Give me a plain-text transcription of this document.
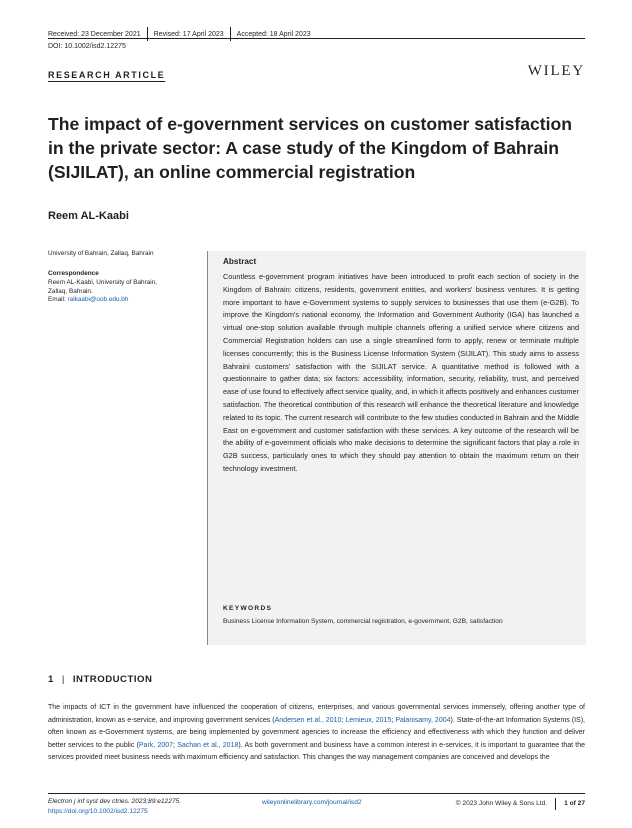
Received: 23 December 2021 Revised: 17 April 2023 Accepted: 18 April 2023
DOI: 10.1002/isd2.12275
RESEARCH ARTICLE	WILEY
The impact of e-government services on customer satisfaction in the private sector: A case study of the Kingdom of Bahrain (SIJILAT), an online commercial registration
Reem AL-Kaabi
University of Bahrain, Zallaq, Bahrain
Correspondence
Reem AL-Kaabi, University of Bahrain,
Zallaq, Bahrain.
Email: ralkaabi@uob.edu.bh
Abstract
Countless e-government program initiatives have been introduced to profit each section of society in the Kingdom of Bahrain: citizens, residents, government entities, and workers' business ventures. It is getting more important to have e-Government systems to supply services to businesses that use them (e-G2B). To improve the Kingdom's national economy, the Information and Government Authority (IGA) has launched a virtual one-stop solution available through multiple channels offering a unified service where citizens and Commercial Registration holders can use a single streamlined form to apply, renew or terminate multiple licenses concurrently; this is the Business License Information System (SIJILAT). This study aims to assess Bahraini customers' satisfaction with the SIJILAT service. A quantitative method is followed with a questionnaire to gather data; six factors: accessibility, information, security, reliability, trust, and perceived ease of use found to effectively affect service quality, and, in which it affects positively and enhances customer satisfaction. The theoretical contribution of this research will enhance the theoretical literature and knowledge related to its topic. The current research will contribute to the few studies conducted in Bahrain and the Middle East on e-government and customer satisfaction with these services. A key outcome of the research will be the ability of e-government officials who make decisions to determine the significant factors that play a role in G2B success, particularly ones to which they should pay attention to obtain the maximum return on their technology investment.
KEYWORDS
Business License Information System, commercial registration, e-government, G2B, satisfaction
1 | INTRODUCTION
The impacts of ICT in the government have influenced the cooperation of citizens, enterprises, and various governmental services immensely, offering another type of administration, known as e-service, and improving government services (Andersen et al., 2010; Lemieux, 2015; Palanisamy, 2004). State-of-the-art Information Systems (IS), often known as e-Government systems, are being implemented by government agencies to increase the efficiency and effectiveness with which they function and deliver better services to the public (Park, 2007; Sachan et al., 2018). As both government and business have a common interest in e-services, it is important to guarantee that the services provided meet business needs with maximum efficiency and satisfaction. This changes the way management companies are conceived and develops the
Electron j inf syst dev ctries. 2023;89:e12275.
https://doi.org/10.1002/isd2.12275
wileyonlinelibrary.com/journal/isd2	© 2023 John Wiley & Sons Ltd.	1 of 27
